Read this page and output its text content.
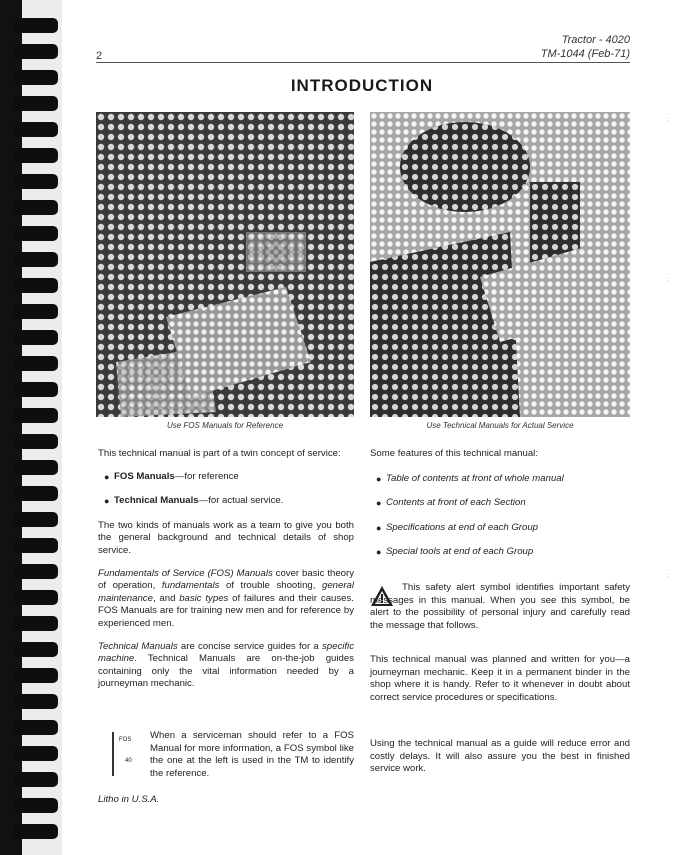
2
Tractor - 4020
TM-1044 (Feb-71)
INTRODUCTION
Use FOS Manuals for Reference	Use Technical Manuals for Actual Service

This technical manual is part of a twin concept of service:

● FOS Manuals—for reference
● Technical Manuals—for actual service.

The two kinds of manuals work as a team to give you both the general background and technical details of shop service.

Fundamentals of Service (FOS) Manuals cover basic theory of operation, fundamentals of trouble shooting, general maintenance, and basic types of failures and their causes. FOS Manuals are for training new men and for reference by experienced men.

Technical Manuals are concise service guides for a specific machine. Technical Manuals are on-the-job guides containing only the vital information needed by a journeyman mechanic.

FOS
40
When a serviceman should refer to a FOS Manual for more information, a FOS symbol like the one at the left is used in the TM to identify the reference.
Litho in U.S.A.

Some features of this technical manual:

● Table of contents at front of whole manual
● Contents at front of each Section
● Specifications at end of each Group
● Special tools at end of each Group
This safety alert symbol identifies important safety messages in this manual. When you see this symbol, be alert to the possibility of personal injury and carefully read the message that follows.
This technical manual was planned and written for you—a journeyman mechanic. Keep it in a permanent binder in the shop where it is handy. Refer to it whenever in doubt about correct service procedures or specifications.
Using the technical manual as a guide will reduce error and costly delays. It will also assure you the best in finished service work.
⋮
⋮
⋮
